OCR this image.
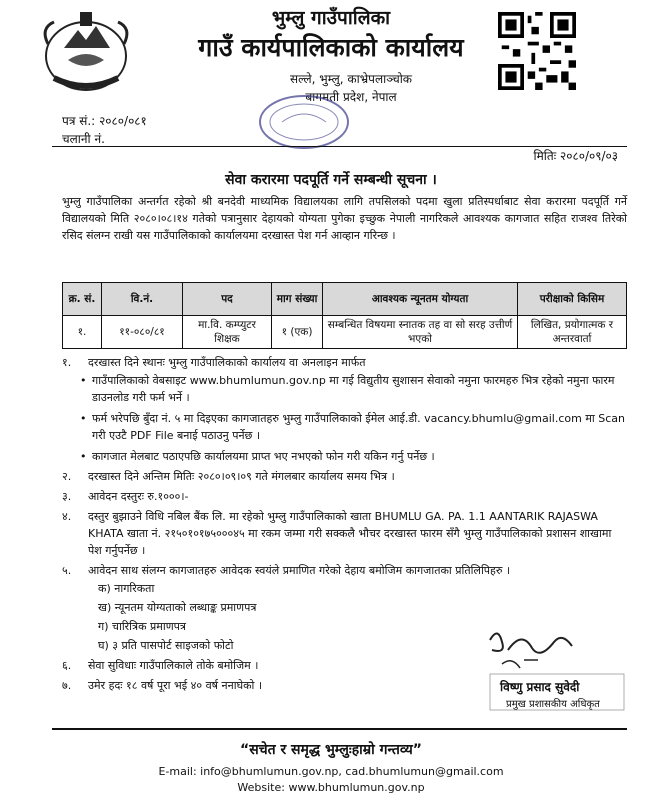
भुम्लु गाउँपालिका
गाउँ कार्यपालिकाको कार्यालय
सल्ले, भुम्लु, काभ्रेपलाञ्चोक
बागमती प्रदेश, नेपाल
पत्र सं.: २०८०/०८१
चलानी नं.
मितिः २०८०/०९/०३
सेवा करारमा पदपूर्ति गर्ने सम्बन्धी सूचना ।
भुम्लु गाउँपालिका अन्तर्गत रहेको श्री बनदेवी माध्यमिक विद्यालयका लागि तपसिलको पदमा खुला प्रतिस्पर्धाबाट सेवा करारमा पदपूर्ति गर्ने विद्यालयको मिति २०८०।०८।१४ गतेको पत्रानुसार देहायको योग्यता पुगेका इच्छुक नेपाली नागरिकले आवश्यक कागजात सहित राजश्व तिरेको रसिद संलग्न राखी यस गाउँपालिकाको कार्यालयमा दरखास्त पेश गर्न आव्हान गरिन्छ ।
क्र. सं.	वि.नं.	पद	माग संख्या	आवश्यक न्यूनतम योग्यता	परीक्षाको किसिम
१.	११-०८०/८१	मा.वि. कम्प्युटर शिक्षक	१ (एक)	सम्बन्धित विषयमा स्नातक तह वा सो सरह उत्तीर्ण भएको	लिखित, प्रयोगात्मक र अन्तरवार्ता
१.	दरखास्त दिने स्थानः भुम्लु गाउँपालिकाको कार्यालय वा अनलाइन मार्फत
• गाउँपालिकाको वेबसाइट www.bhumlumun.gov.np मा गई विद्युतीय सुशासन सेवाको नमुना फारमहरु भित्र रहेको नमुना फारम डाउनलोड गरी फर्म भर्ने ।
• फर्म भरेपछि बुँदा नं. ५ मा दिइएका कागजातहरु भुम्लु गाउँपालिकाको ईमेल आई.डी. vacancy.bhumlu@gmail.com मा Scan गरी एउटै PDF File बनाई पठाउनु पर्नेछ ।
• कागजात मेलबाट पठाएपछि कार्यालयमा प्राप्त भए नभएको फोन गरी यकिन गर्नु पर्नेछ ।
२.	दरखास्त दिने अन्तिम मितिः २०८०।०९।०९ गते मंगलबार कार्यालय समय भित्र ।
३.	आवेदन दस्तुरः रु.१०००।-
४.	दस्तुर बुझाउने विधि नबिल बैंक लि. मा रहेको भुम्लु गाउँपालिकाको खाता BHUMLU GA. PA. 1.1 AANTARIK RAJASWA KHATA खाता नं. २१५०१०१७५०००४५ मा रकम जम्मा गरी सक्कलै भौचर दरखास्त फारम सँगै भुम्लु गाउँपालिकाको प्रशासन शाखामा पेश गर्नुपर्नेछ ।
५.	आवेदन साथ संलग्न कागजातहरु आवेदक स्वयंले प्रमाणित गरेको देहाय बमोजिम कागजातका प्रतिलिपिहरु ।
क) नागरिकता
ख) न्यूनतम योग्यताको लब्धाङ्क प्रमाणपत्र
ग) चारित्रिक प्रमाणपत्र
घ) ३ प्रति पासपोर्ट साइजको फोटो
६.	सेवा सुविधाः गाउँपालिकाले तोके बमोजिम ।
७.	उमेर हदः १८ वर्ष पूरा भई ४० वर्ष ननाघेको ।	विष्णु प्रसाद सुवेदी
प्रमुख प्रशासकीय अधिकृत
“सचेत र समृद्ध भुम्लुःहाम्रो गन्तव्य”
E-mail: info@bhumlumun.gov.np, cad.bhumlumun@gmail.com
Website: www.bhumlumun.gov.np
